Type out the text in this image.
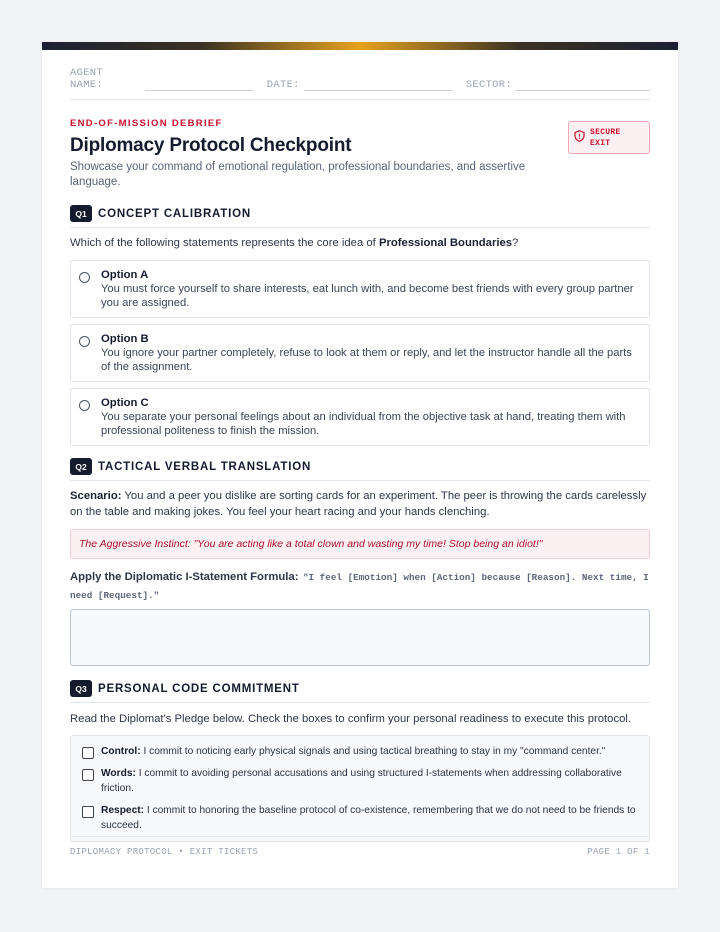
AGENT NAME:	DATE:	SECTOR:
END-OF-MISSION DEBRIEF
Diplomacy Protocol Checkpoint
Showcase your command of emotional regulation, professional boundaries, and assertive language.
SECURE EXIT
Q1 CONCEPT CALIBRATION
Which of the following statements represents the core idea of Professional Boundaries?
Option A
You must force yourself to share interests, eat lunch with, and become best friends with every group partner you are assigned.
Option B
You ignore your partner completely, refuse to look at them or reply, and let the instructor handle all the parts of the assignment.
Option C
You separate your personal feelings about an individual from the objective task at hand, treating them with professional politeness to finish the mission.
Q2 TACTICAL VERBAL TRANSLATION
Scenario: You and a peer you dislike are sorting cards for an experiment. The peer is throwing the cards carelessly on the table and making jokes. You feel your heart racing and your hands clenching.
The Aggressive Instinct: "You are acting like a total clown and wasting my time! Stop being an idiot!"
Apply the Diplomatic I-Statement Formula: "I feel [Emotion] when [Action] because [Reason]. Next time, I need [Request]."
Q3 PERSONAL CODE COMMITMENT
Read the Diplomat's Pledge below. Check the boxes to confirm your personal readiness to execute this protocol.
Control: I commit to noticing early physical signals and using tactical breathing to stay in my "command center."
Words: I commit to avoiding personal accusations and using structured I-statements when addressing collaborative friction.
Respect: I commit to honoring the baseline protocol of co-existence, remembering that we do not need to be friends to succeed.
DIPLOMACY PROTOCOL • EXIT TICKETS	PAGE 1 OF 1
